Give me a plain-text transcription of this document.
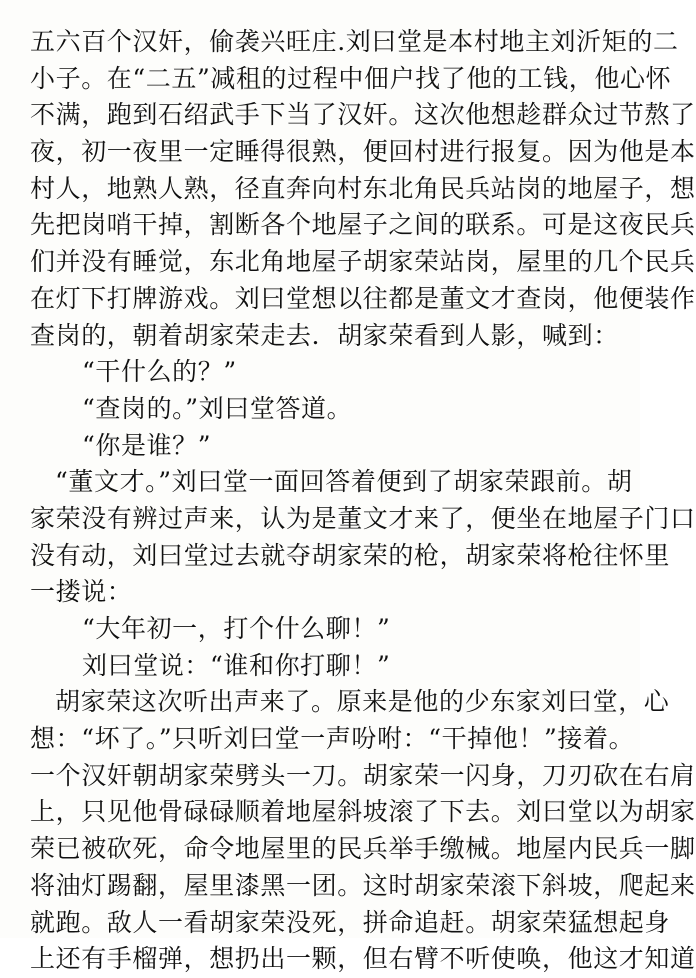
五六百个汉奸，偷袭兴旺庄.刘曰堂是本村地主刘沂矩的二
小子。在“二五”减租的过程中佃户找了他的工钱，他心怀
不满，跑到石绍武手下当了汉奸。这次他想趁群众过节熬了
夜，初一夜里一定睡得很熟，便回村进行报复。因为他是本
村人，地熟人熟，径直奔向村东北角民兵站岗的地屋子，想
先把岗哨干掉，割断各个地屋子之间的联系。可是这夜民兵
们并没有睡觉，东北角地屋子胡家荣站岗，屋里的几个民兵
在灯下打牌游戏。刘曰堂想以往都是董文才查岗，他便装作
查岗的，朝着胡家荣走去．胡家荣看到人影，喊到：
“干什么的？”
“查岗的。”刘曰堂答道。
“你是谁？”
“董文才。”刘曰堂一面回答着便到了胡家荣跟前。胡
家荣没有辨过声来，认为是董文才来了，便坐在地屋子门口
没有动，刘曰堂过去就夺胡家荣的枪，胡家荣将枪往怀里
一搂说：
“大年初一，打个什么聊！”
刘曰堂说：“谁和你打聊！”
胡家荣这次听出声来了。原来是他的少东家刘曰堂，心
想：“坏了。”只听刘曰堂一声吩咐：“干掉他！”接着。
一个汉奸朝胡家荣劈头一刀。胡家荣一闪身，刀刃砍在右肩
上，只见他骨碌碌顺着地屋斜坡滚了下去。刘曰堂以为胡家
荣已被砍死，命令地屋里的民兵举手缴械。地屋内民兵一脚
将油灯踢翻，屋里漆黑一团。这时胡家荣滚下斜坡，爬起来
就跑。敌人一看胡家荣没死，拼命追赶。胡家荣猛想起身
上还有手榴弹，想扔出一颗，但右臂不听使唤，他这才知道
